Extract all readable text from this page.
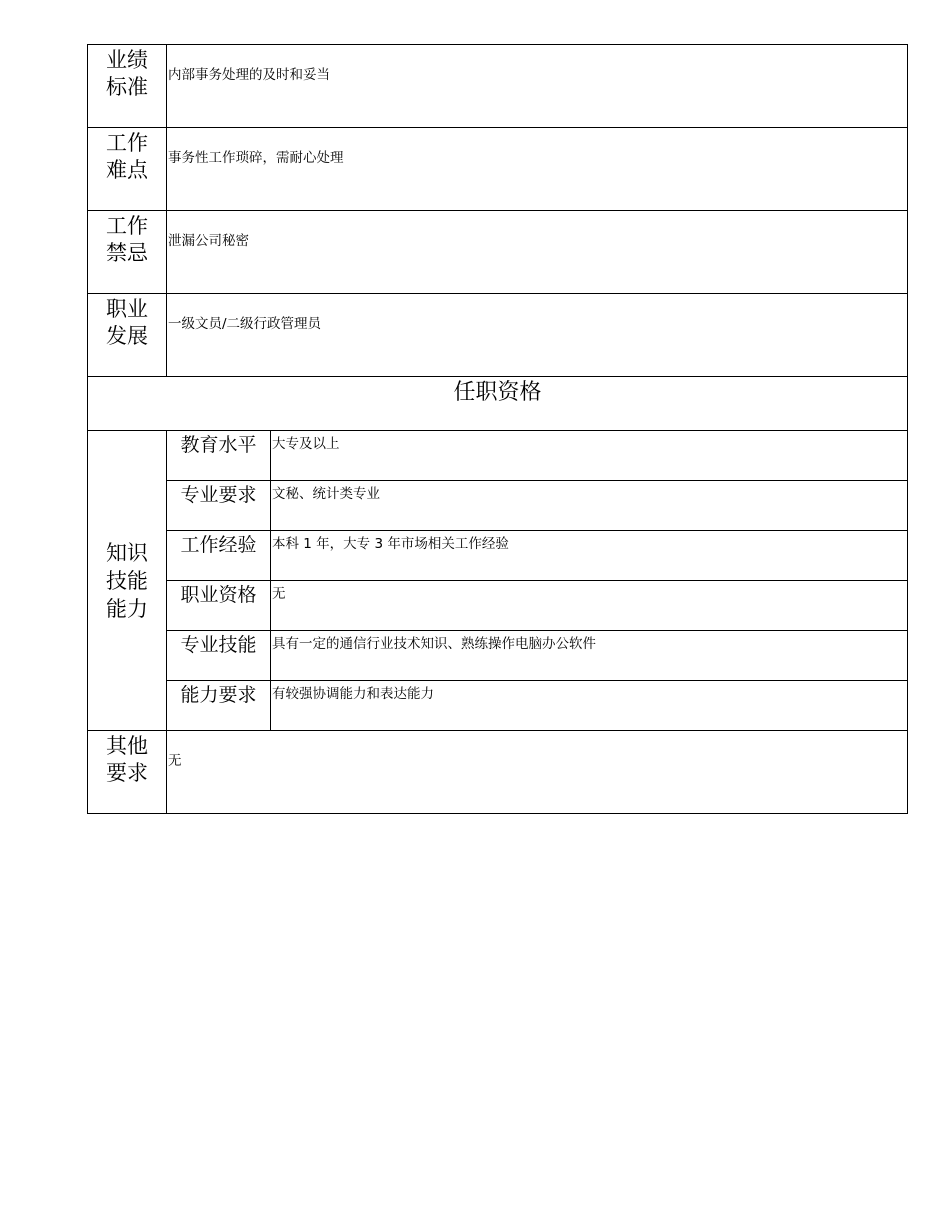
业绩
标准	内部事务处理的及时和妥当	

工作
难点	事务性工作琐碎，需耐心处理	

工作
禁忌	泄漏公司秘密	

职业
发展	一级文员/二级行政管理员	
任职资格		

知识
技能
能力	教育水平	大专及以上
	专业要求	文秘、统计类专业
	工作经验	本科 1 年，大专 3 年市场相关工作经验
	职业资格	无
	专业技能	具有一定的通信行业技术知识、熟练操作电脑办公软件
	能力要求	有较强协调能力和表达能力

其他
要求	无	
